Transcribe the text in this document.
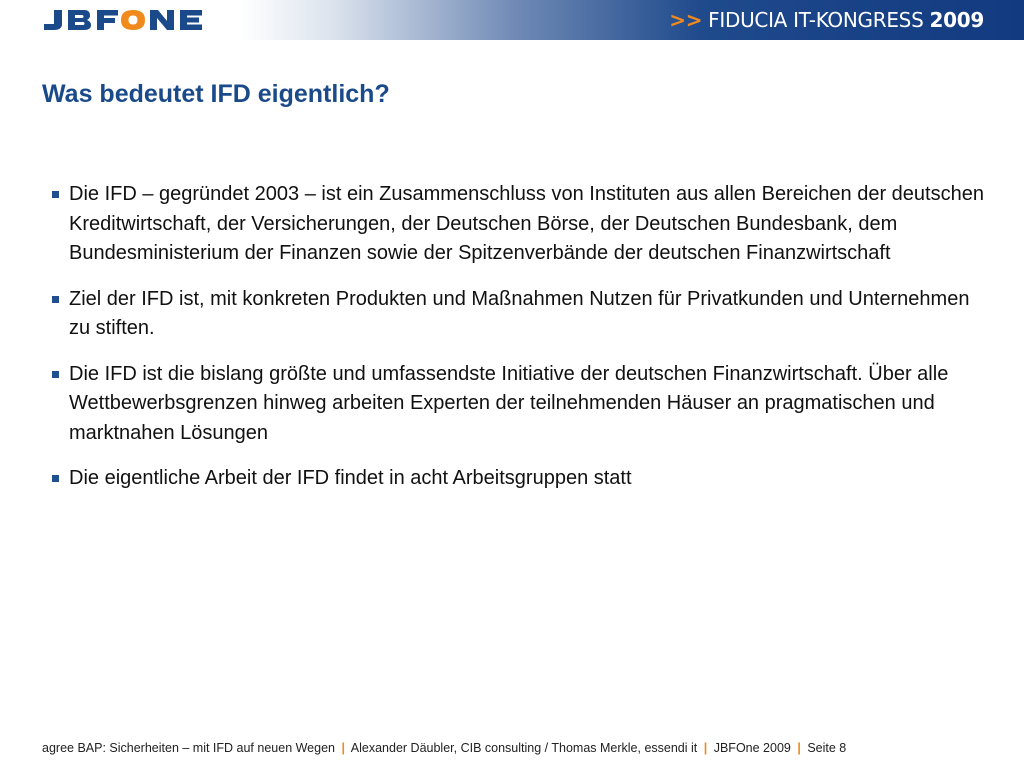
JBFONE
>> FIDUCIA IT-KONGRESS 2009
Was bedeutet IFD eigentlich?
Die IFD – gegründet 2003 – ist ein Zusammenschluss von Instituten aus allen Bereichen der deutschen Kreditwirtschaft, der Versicherungen, der Deutschen Börse, der Deutschen Bundesbank, dem Bundesministerium der Finanzen sowie der Spitzenverbände der deutschen Finanzwirtschaft
Ziel der IFD ist, mit konkreten Produkten und Maßnahmen Nutzen für Privatkunden und Unternehmen zu stiften.
Die IFD ist die bislang größte und umfassendste Initiative der deutschen Finanzwirtschaft. Über alle Wettbewerbsgrenzen hinweg arbeiten Experten der teilnehmenden Häuser an pragmatischen und marktnahen Lösungen
Die eigentliche Arbeit der IFD findet in acht Arbeitsgruppen statt
agree BAP: Sicherheiten – mit IFD auf neuen Wegen | Alexander Däubler, CIB consulting / Thomas Merkle, essendi it | JBFOne 2009 | Seite 8
